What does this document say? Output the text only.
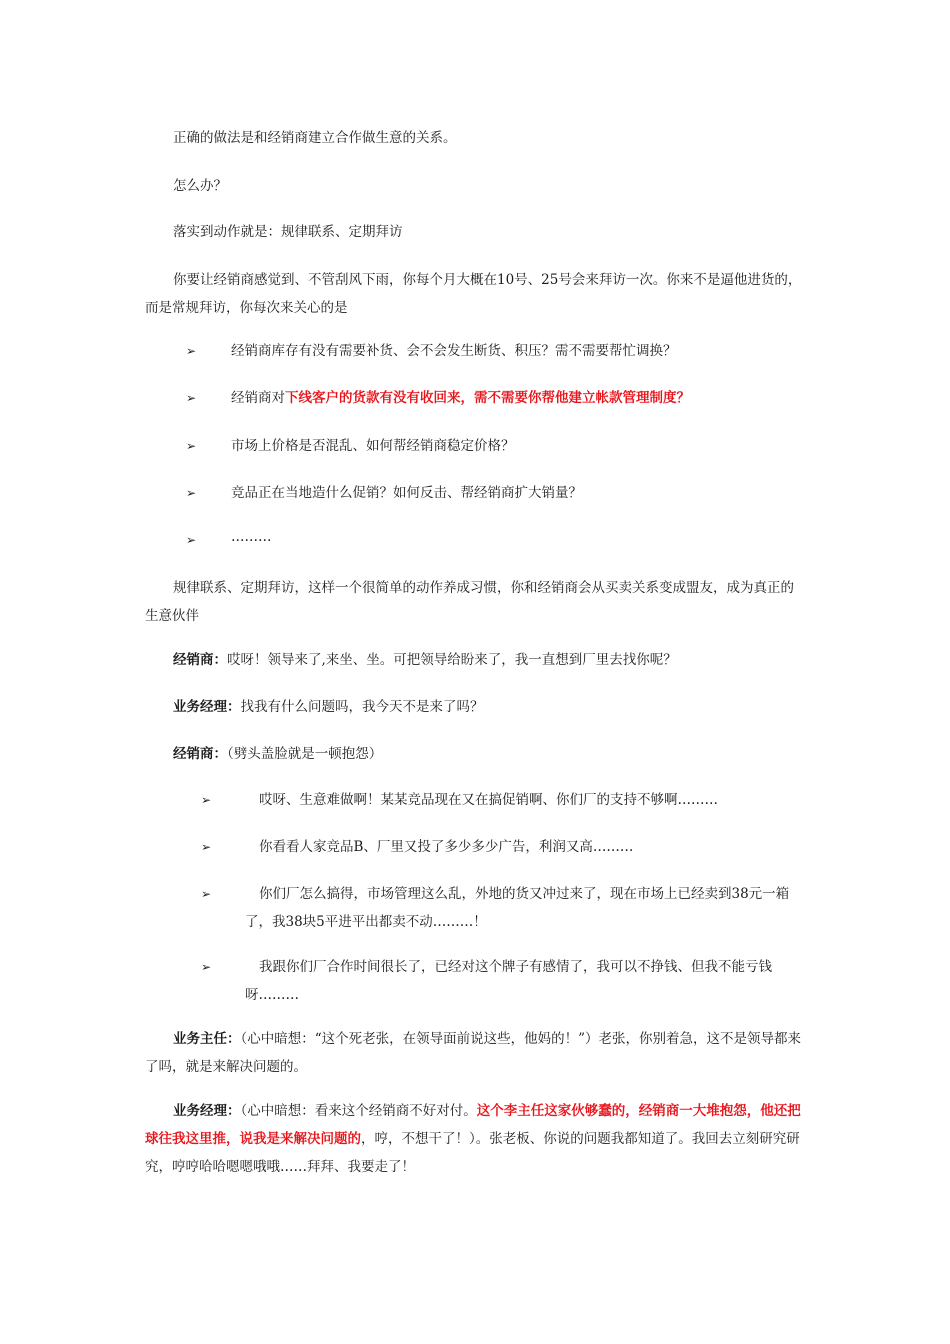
正确的做法是和经销商建立合作做生意的关系。

怎么办？

落实到动作就是：规律联系、定期拜访

你要让经销商感觉到、不管刮风下雨，你每个月大概在10号、25号会来拜访一次。你来不是逼他进货的，而是常规拜访，你每次来关心的是

➢	经销商库存有没有需要补货、会不会发生断货、积压？需不需要帮忙调换？

➢	经销商对下线客户的货款有没有收回来，需不需要你帮他建立帐款管理制度？

➢	市场上价格是否混乱、如何帮经销商稳定价格？

➢	竞品正在当地造什么促销？如何反击、帮经销商扩大销量？

➢	………

规律联系、定期拜访，这样一个很简单的动作养成习惯，你和经销商会从买卖关系变成盟友，成为真正的生意伙伴

经销商：哎呀！领导来了,来坐、坐。可把领导给盼来了，我一直想到厂里去找你呢？

业务经理：找我有什么问题吗，我今天不是来了吗？

经销商：（劈头盖脸就是一顿抱怨）

➢	哎呀、生意难做啊！某某竞品现在又在搞促销啊、你们厂的支持不够啊………

➢	你看看人家竞品B、厂里又投了多少多少广告，利润又高………

➢	你们厂怎么搞得，市场管理这么乱，外地的货又冲过来了，现在市场上已经卖到38元一箱了，我38块5平进平出都卖不动………！

➢	我跟你们厂合作时间很长了，已经对这个牌子有感情了，我可以不挣钱、但我不能亏钱呀………

业务主任：（心中暗想：“这个死老张，在领导面前说这些，他妈的！”）老张，你别着急，这不是领导都来了吗，就是来解决问题的。

业务经理：（心中暗想：看来这个经销商不好对付。这个李主任这家伙够蠢的，经销商一大堆抱怨，他还把球往我这里推，说我是来解决问题的，哼，不想干了！）。张老板、你说的问题我都知道了。我回去立刻研究研究，哼哼哈哈嗯嗯哦哦……拜拜、我要走了！
